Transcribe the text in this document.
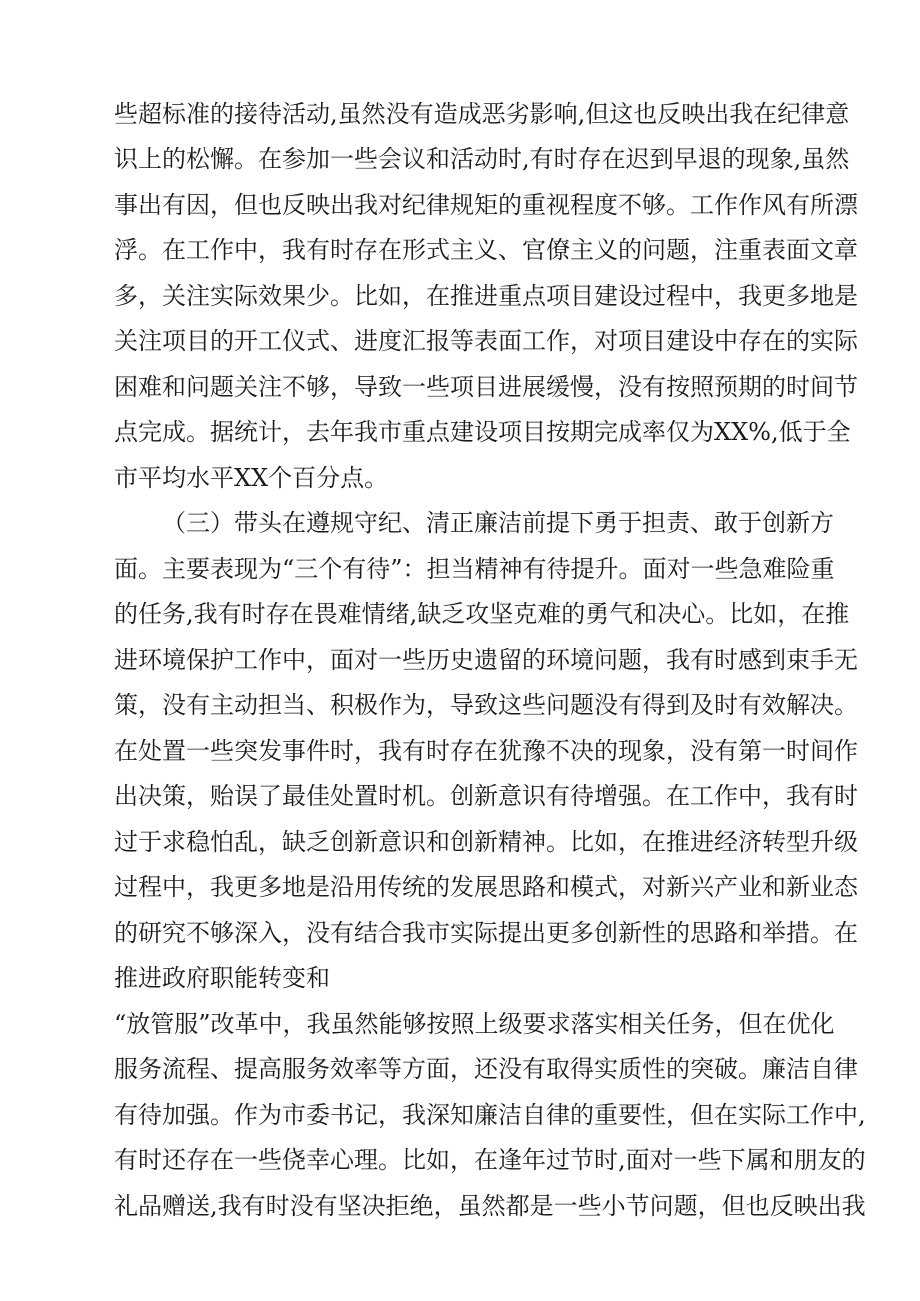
些超标准的接待活动,虽然没有造成恶劣影响,但这也反映出我在纪律意
识上的松懈。在参加一些会议和活动时,有时存在迟到早退的现象,虽然
事出有因，但也反映出我对纪律规矩的重视程度不够。工作作风有所漂
浮。在工作中，我有时存在形式主义、官僚主义的问题，注重表面文章
多，关注实际效果少。比如，在推进重点项目建设过程中，我更多地是
关注项目的开工仪式、进度汇报等表面工作，对项目建设中存在的实际
困难和问题关注不够，导致一些项目进展缓慢，没有按照预期的时间节
点完成。据统计，去年我市重点建设项目按期完成率仅为XX%,低于全
市平均水平XX个百分点。
（三）带头在遵规守纪、清正廉洁前提下勇于担责、敢于创新方
面。主要表现为“三个有待”：担当精神有待提升。面对一些急难险重
的任务,我有时存在畏难情绪,缺乏攻坚克难的勇气和决心。比如，在推
进环境保护工作中，面对一些历史遗留的环境问题，我有时感到束手无
策，没有主动担当、积极作为，导致这些问题没有得到及时有效解决。
在处置一些突发事件时，我有时存在犹豫不决的现象，没有第一时间作
出决策，贻误了最佳处置时机。创新意识有待增强。在工作中，我有时
过于求稳怕乱，缺乏创新意识和创新精神。比如，在推进经济转型升级
过程中，我更多地是沿用传统的发展思路和模式，对新兴产业和新业态
的研究不够深入，没有结合我市实际提出更多创新性的思路和举措。在
推进政府职能转变和
“放管服”改革中，我虽然能够按照上级要求落实相关任务，但在优化
服务流程、提高服务效率等方面，还没有取得实质性的突破。廉洁自律
有待加强。作为市委书记，我深知廉洁自律的重要性，但在实际工作中,
有时还存在一些侥幸心理。比如，在逢年过节时,面对一些下属和朋友的
礼品赠送,我有时没有坚决拒绝，虽然都是一些小节问题，但也反映出我
